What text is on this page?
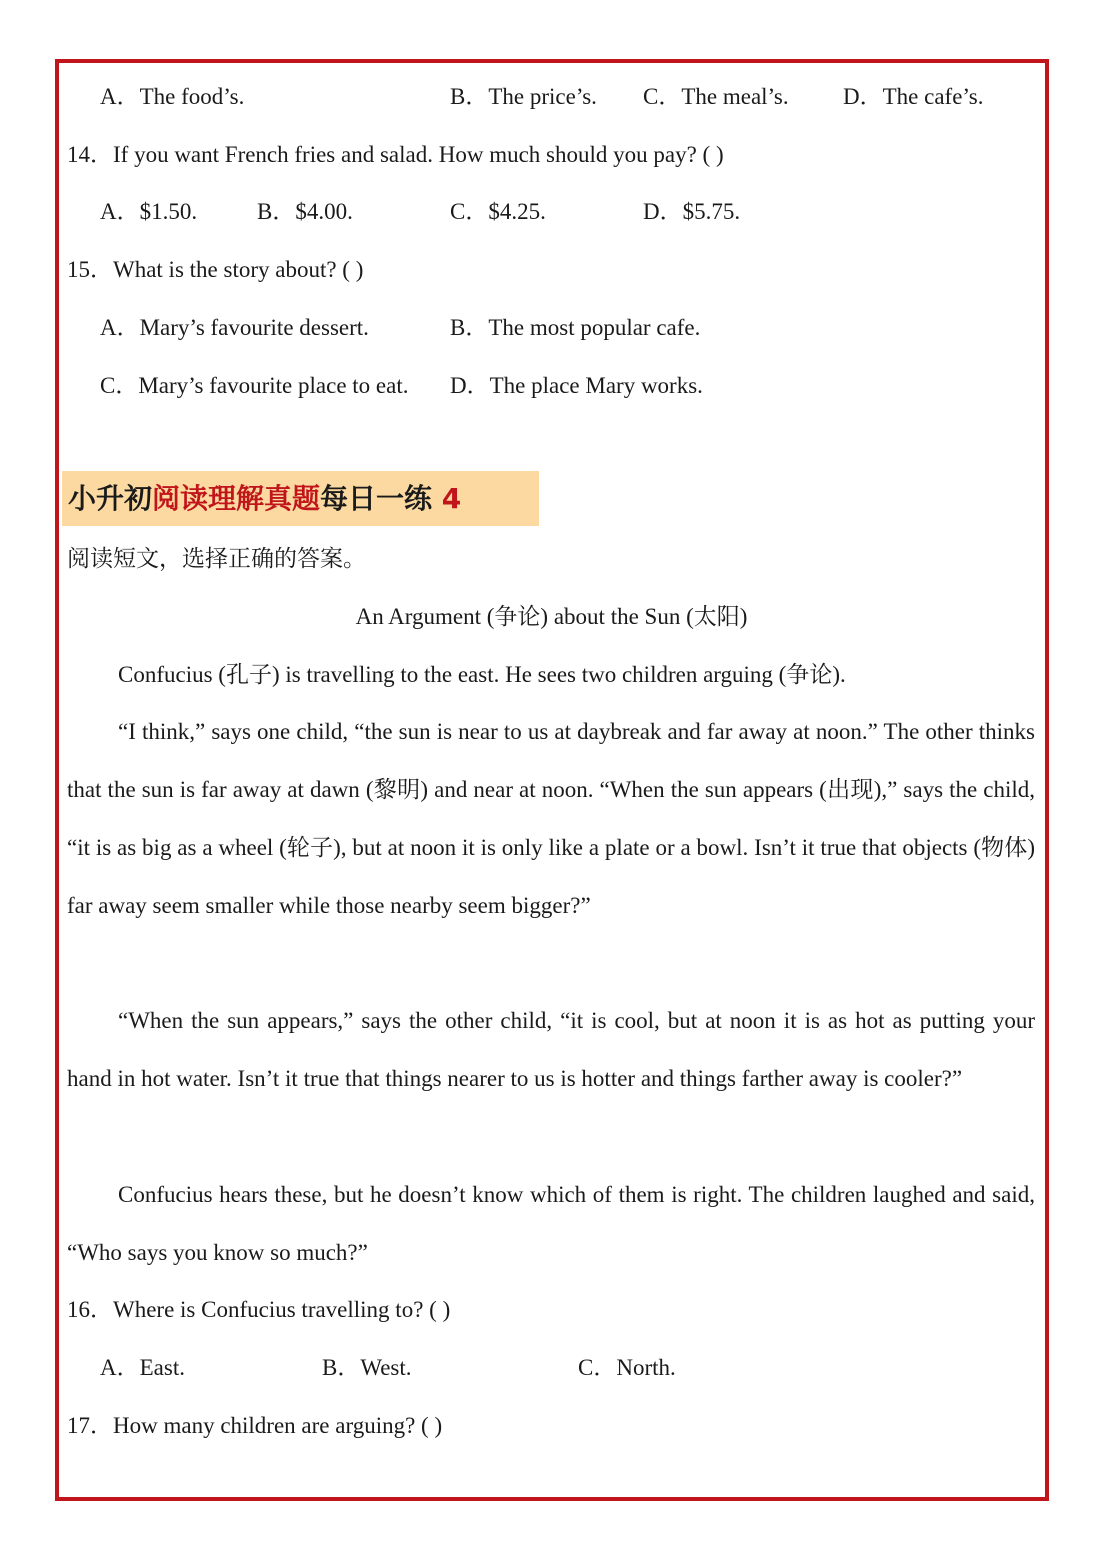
A．The food’s.	B．The price’s. C．The meal’s. D．The cafe’s.
14．If you want French fries and salad. How much should you pay? ( )
A．$1.50.	B．$4.00.	C．$4.25.	D．$5.75.
15．What is the story about? ( )
A．Mary’s favourite dessert.	B．The most popular cafe.
C．Mary’s favourite place to eat. D．The place Mary works.
小升初阅读理解真题每日一练 4
阅读短文，选择正确的答案。
An Argument (争论) about the Sun (太阳)
Confucius (孔子) is travelling to the east. He sees two children arguing (争论).
“I think,” says one child, “the sun is near to us at daybreak and far away at noon.” The other thinks that the sun is far away at dawn (黎明) and near at noon. “When the sun appears (出现),” says the child, “it is as big as a wheel (轮子), but at noon it is only like a plate or a bowl. Isn’t it true that objects (物体) far away seem smaller while those nearby seem bigger?”
“When the sun appears,” says the other child, “it is cool, but at noon it is as hot as putting your hand in hot water. Isn’t it true that things nearer to us is hotter and things farther away is cooler?”
Confucius hears these, but he doesn’t know which of them is right. The children laughed and said, “Who says you know so much?”
16．Where is Confucius travelling to? ( )
A．East.	B．West.	C．North.
17．How many children are arguing? ( )
